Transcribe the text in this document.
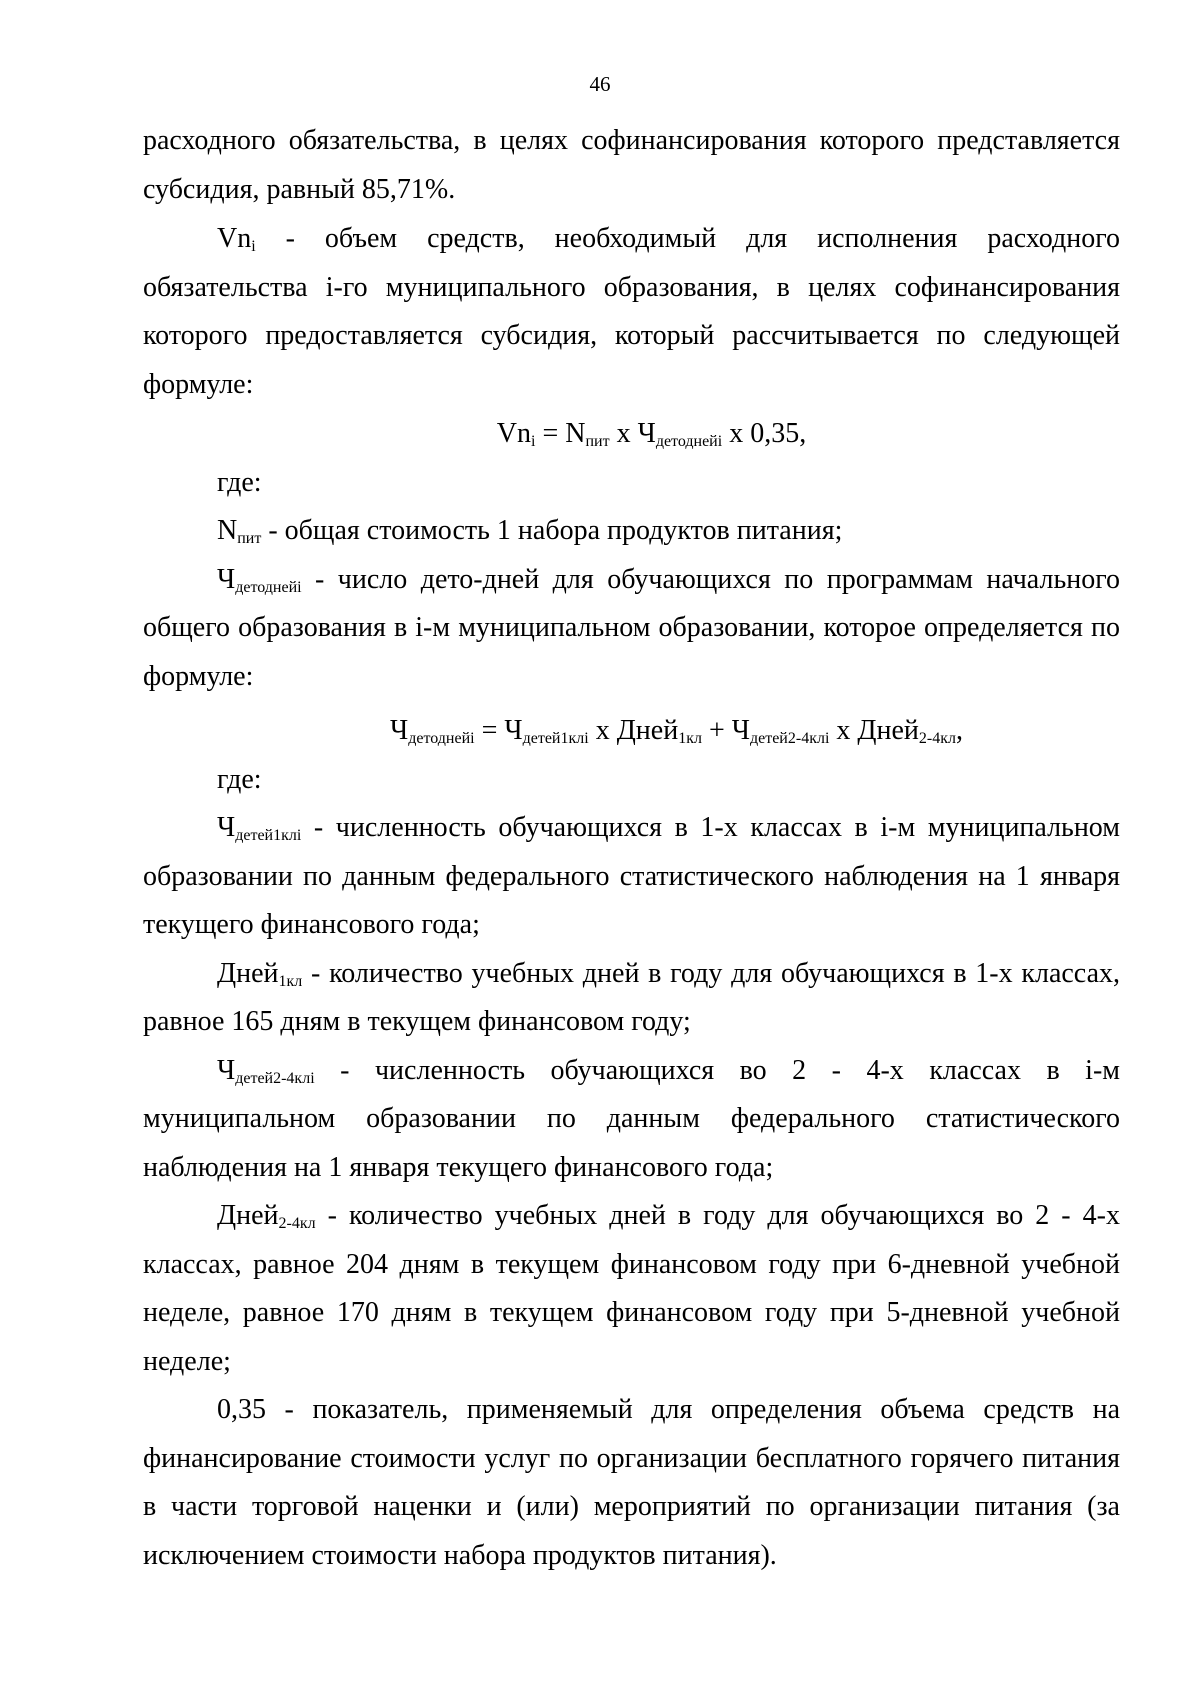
46

расходного обязательства, в целях софинансирования которого представляется субсидия, равный 85,71%.

$Vn_i$ - объем средств, необходимый для исполнения расходного обязательства i-го муниципального образования, в целях софинансирования которого предоставляется субсидия, который рассчитывается по следующей формуле:

$Vn_i = N_{пит}$ х $Ч_{детоднейi}$ х 0,35,

где:

$N_{пит}$ - общая стоимость 1 набора продуктов питания;

$Ч_{детоднейi}$ - число дето-дней для обучающихся по программам начального общего образования в i-м муниципальном образовании, которое определяется по формуле:

$Ч_{детоднейi} = Ч_{детей1клi}$ х Дней$_{1кл}$ + $Ч_{детей2-4клi}$ х Дней$_{2-4кл}$,

где:

$Ч_{детей1клi}$ - численность обучающихся в 1-х классах в i-м муниципальном образовании по данным федерального статистического наблюдения на 1 января текущего финансового года;

Дней$_{1кл}$ - количество учебных дней в году для обучающихся в 1-х классах, равное 165 дням в текущем финансовом году;

$Ч_{детей2-4клi}$ - численность обучающихся во 2 - 4-х классах в i-м муниципальном образовании по данным федерального статистического наблюдения на 1 января текущего финансового года;

Дней$_{2-4кл}$ - количество учебных дней в году для обучающихся во 2 - 4-х классах, равное 204 дням в текущем финансовом году при 6-дневной учебной неделе, равное 170 дням в текущем финансовом году при 5-дневной учебной неделе;

0,35 - показатель, применяемый для определения объема средств на финансирование стоимости услуг по организации бесплатного горячего питания в части торговой наценки и (или) мероприятий по организации питания (за исключением стоимости набора продуктов питания).
